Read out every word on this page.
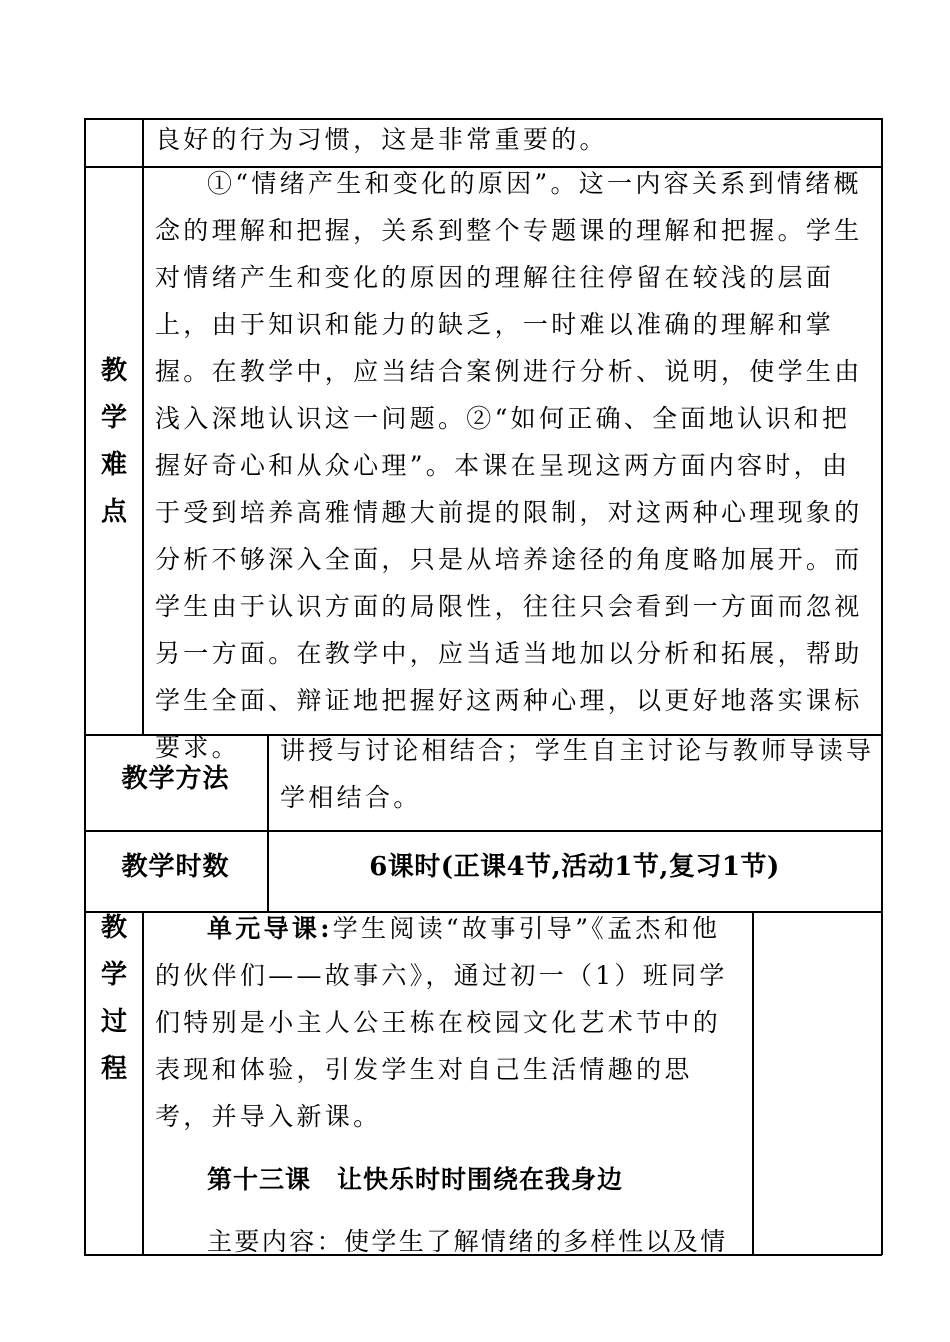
良好的行为习惯，这是非常重要的。

教
学
难
点

①“情绪产生和变化的原因”。这一内容关系到情绪概念的理解和把握，关系到整个专题课的理解和把握。学生对情绪产生和变化的原因的理解往往停留在较浅的层面上，由于知识和能力的缺乏，一时难以准确的理解和掌握。在教学中，应当结合案例进行分析、说明，使学生由浅入深地认识这一问题。②“如何正确、全面地认识和把握好奇心和从众心理”。本课在呈现这两方面内容时，由于受到培养高雅情趣大前提的限制，对这两种心理现象的分析不够深入全面，只是从培养途径的角度略加展开。而学生由于认识方面的局限性，往往只会看到一方面而忽视另一方面。在教学中，应当适当地加以分析和拓展，帮助学生全面、辩证地把握好这两种心理，以更好地落实课标要求。

教学方法

讲授与讨论相结合；学生自主讨论与教师导读导学相结合。

教学时数	6课时(正课4节,活动1节,复习1节)
教
学
过
程

单元导课:学生阅读“故事引导”《孟杰和他的伙伴们——故事六》，通过初一（1）班同学们特别是小主人公王栋在校园文化艺术节中的表现和体验，引发学生对自己生活情趣的思考，并导入新课。

第十三课　让快乐时时围绕在我身边
主要内容：使学生了解情绪的多样性以及情
